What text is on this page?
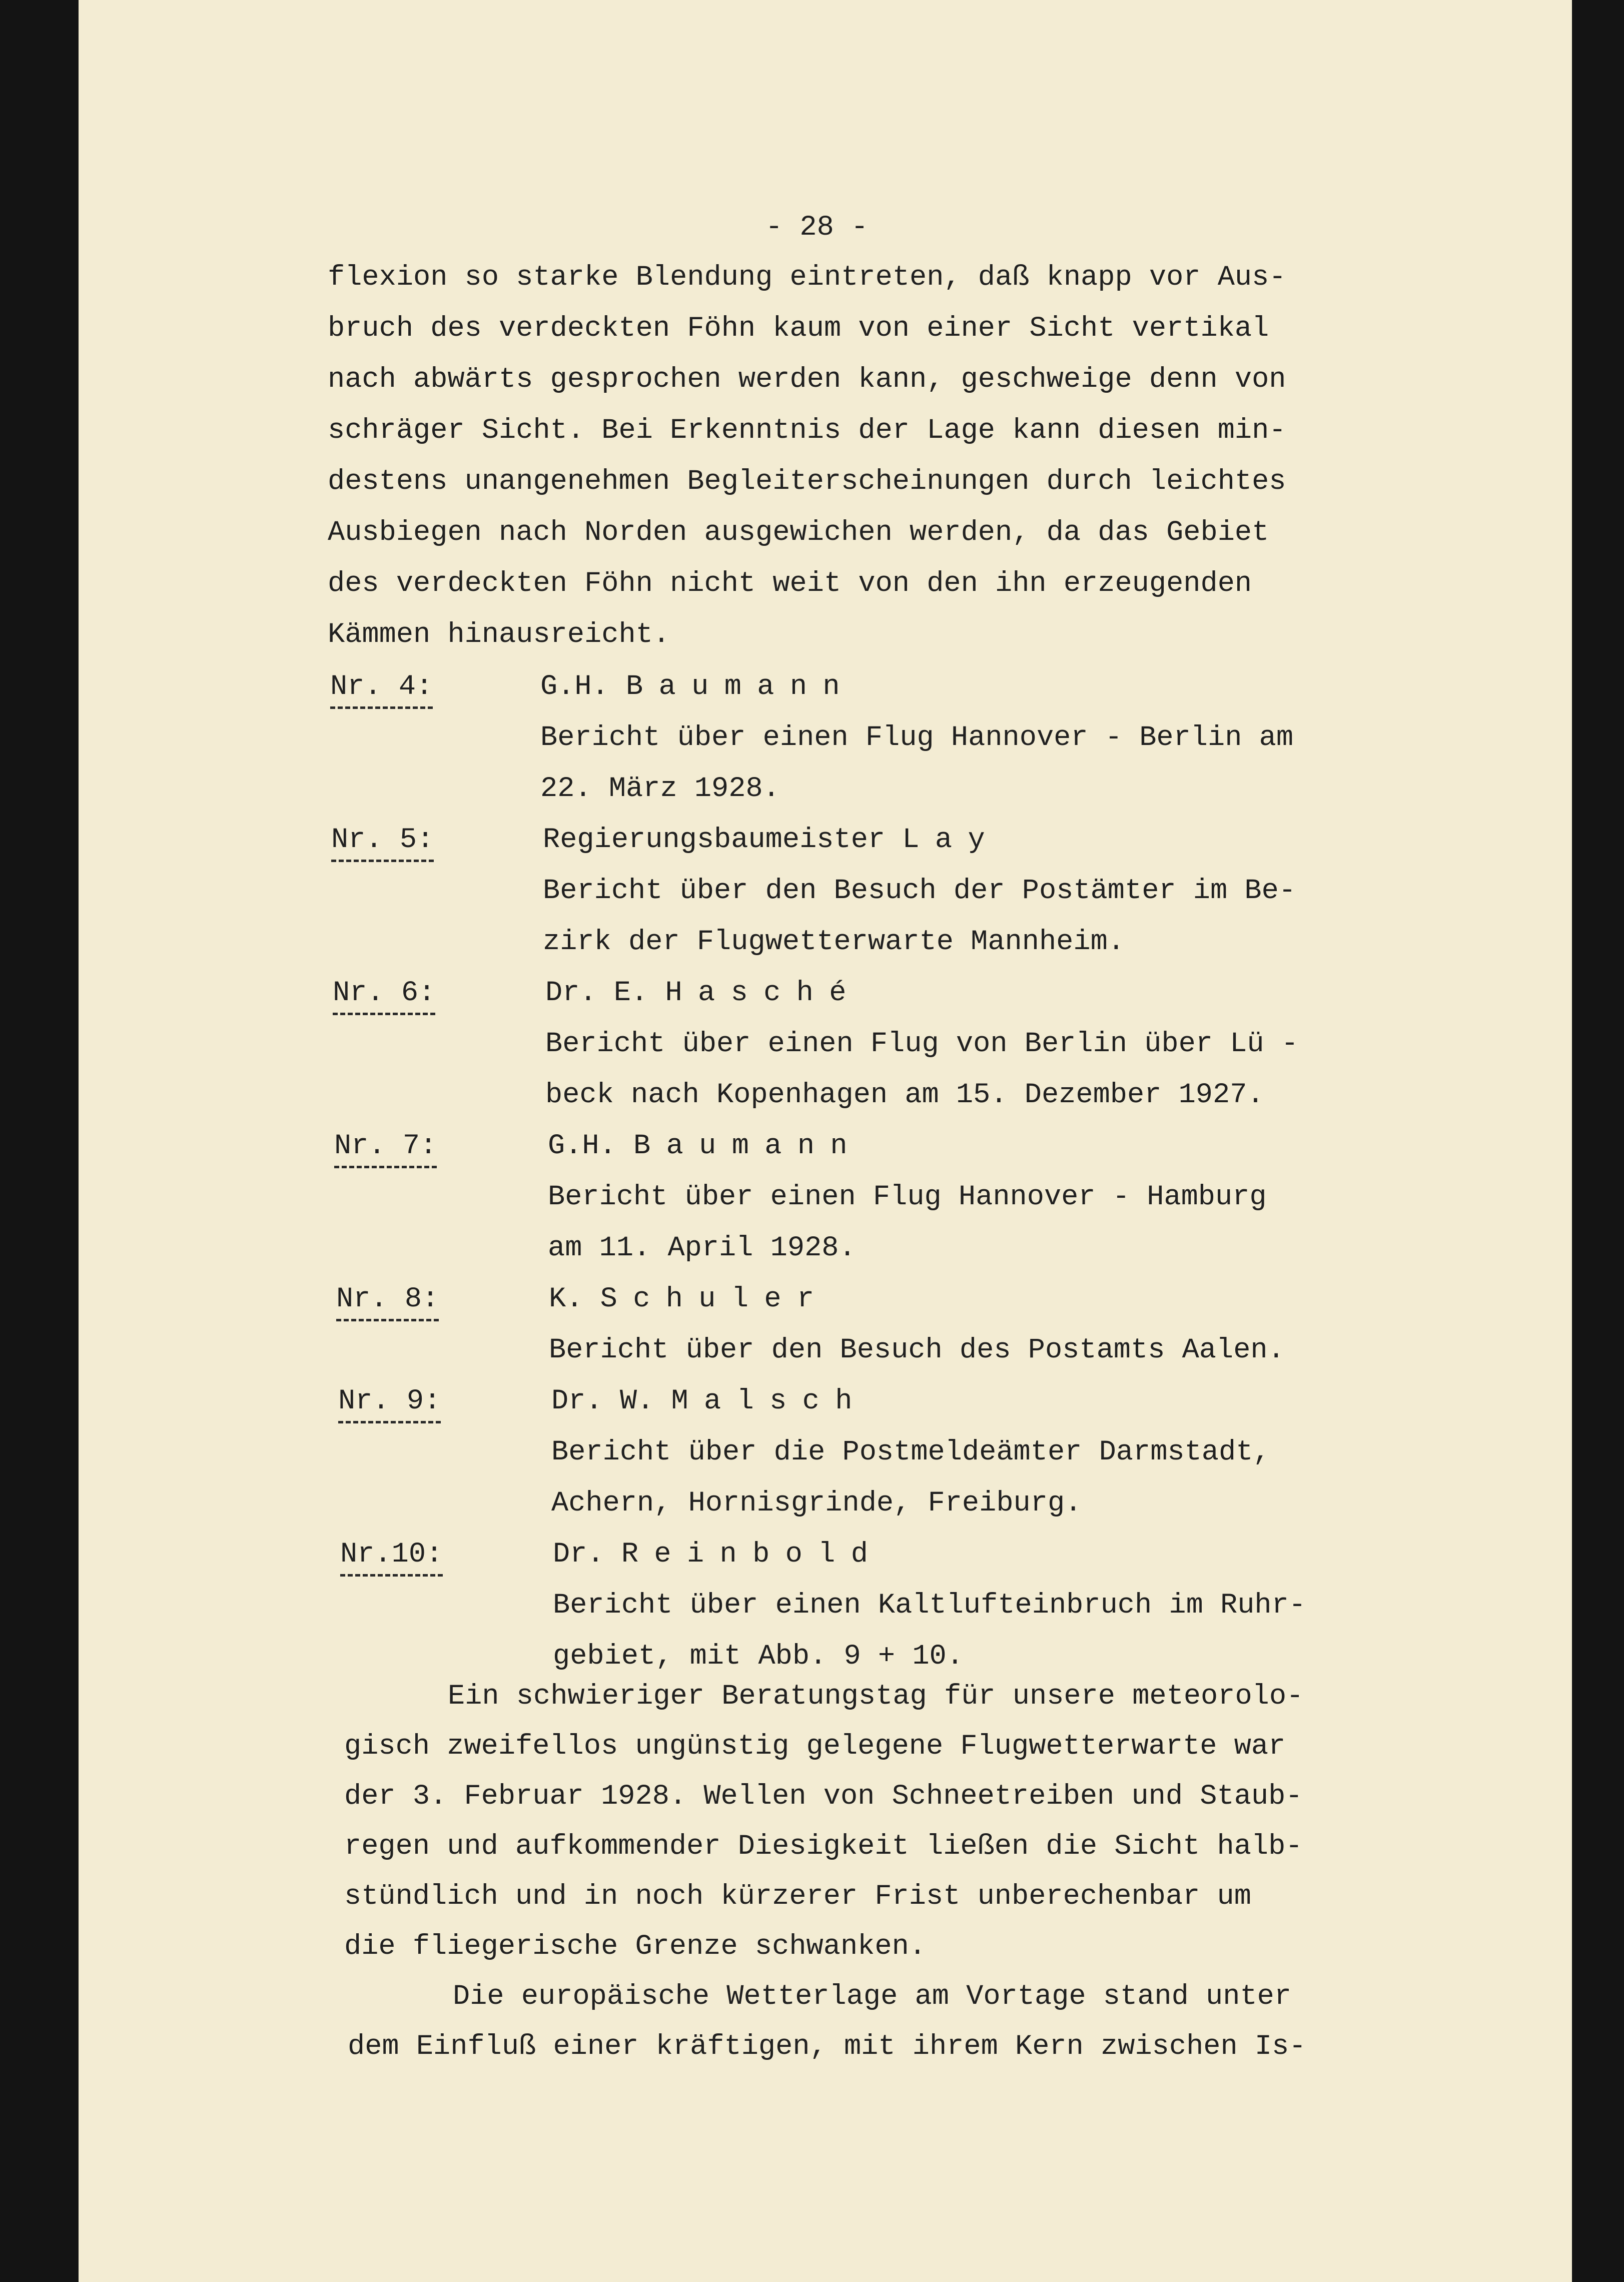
- 28 -
flexion so starke Blendung eintreten, daß knapp vor Aus-
bruch des verdeckten Föhn kaum von einer Sicht vertikal
nach abwärts gesprochen werden kann, geschweige denn von
schräger Sicht. Bei Erkenntnis der Lage kann diesen min-
destens unangenehmen Begleiterscheinungen durch leichtes
Ausbiegen nach Norden ausgewichen werden, da das Gebiet
des verdeckten Föhn nicht weit von den ihn erzeugenden
Kämmen hinausreicht.
Nr. 4:	G.H. Baumann
Bericht über einen Flug Hannover - Berlin am
22. März 1928.
Nr. 5:	Regierungsbaumeister Lay
Bericht über den Besuch der Postämter im Be-
zirk der Flugwetterwarte Mannheim.
Nr. 6:	Dr. E. Hasché
Bericht über einen Flug von Berlin über Lü -
beck nach Kopenhagen am 15. Dezember 1927.
Nr. 7:	G.H. Baumann
Bericht über einen Flug Hannover - Hamburg
am 11. April 1928.
Nr. 8:	K. Schuler
Bericht über den Besuch des Postamts Aalen.
Nr. 9:	Dr. W. Malsch
Bericht über die Postmeldeämter Darmstadt,
Achern, Hornisgrinde, Freiburg.
Nr.10:	Dr. Reinbold
Bericht über einen Kaltlufteinbruch im Ruhr-
gebiet, mit Abb. 9 + 10.
Ein schwieriger Beratungstag für unsere meteorolo-
gisch zweifellos ungünstig gelegene Flugwetterwarte war
der 3. Februar 1928. Wellen von Schneetreiben und Staub-
regen und aufkommender Diesigkeit ließen die Sicht halb-
stündlich und in noch kürzerer Frist unberechenbar um
die fliegerische Grenze schwanken.
Die europäische Wetterlage am Vortage stand unter
dem Einfluß einer kräftigen, mit ihrem Kern zwischen Is-
